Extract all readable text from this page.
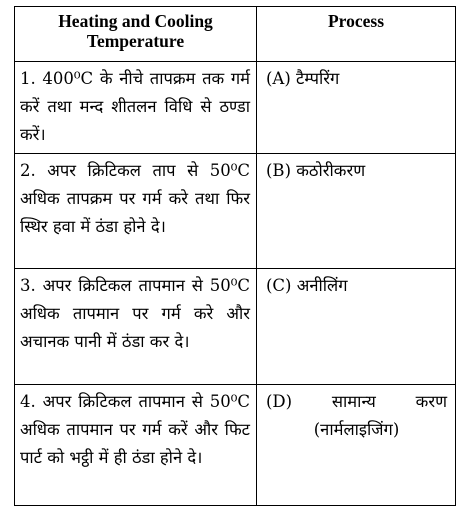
Heating and Cooling Temperature	Process
1. 400⁰C के नीचे तापक्रम तक गर्म करें तथा मन्द शीतलन विधि से ठण्डा करें।	(A) टैम्परिंग
2. अपर क्रिटिकल ताप से 50⁰C अधिक तापक्रम पर गर्म करे तथा फिर स्थिर हवा में ठंडा होने दे।	(B) कठोरीकरण
3. अपर क्रिटिकल तापमान से 50⁰C अधिक तापमान पर गर्म करे और अचानक पानी में ठंडा कर दे।	(C) अनीलिंग
4. अपर क्रिटिकल तापमान से 50⁰C अधिक तापमान पर गर्म करें और फिट पार्ट को भट्ठी में ही ठंडा होने दे।	(D) सामान्य करण (नार्मलाइजिंग)
